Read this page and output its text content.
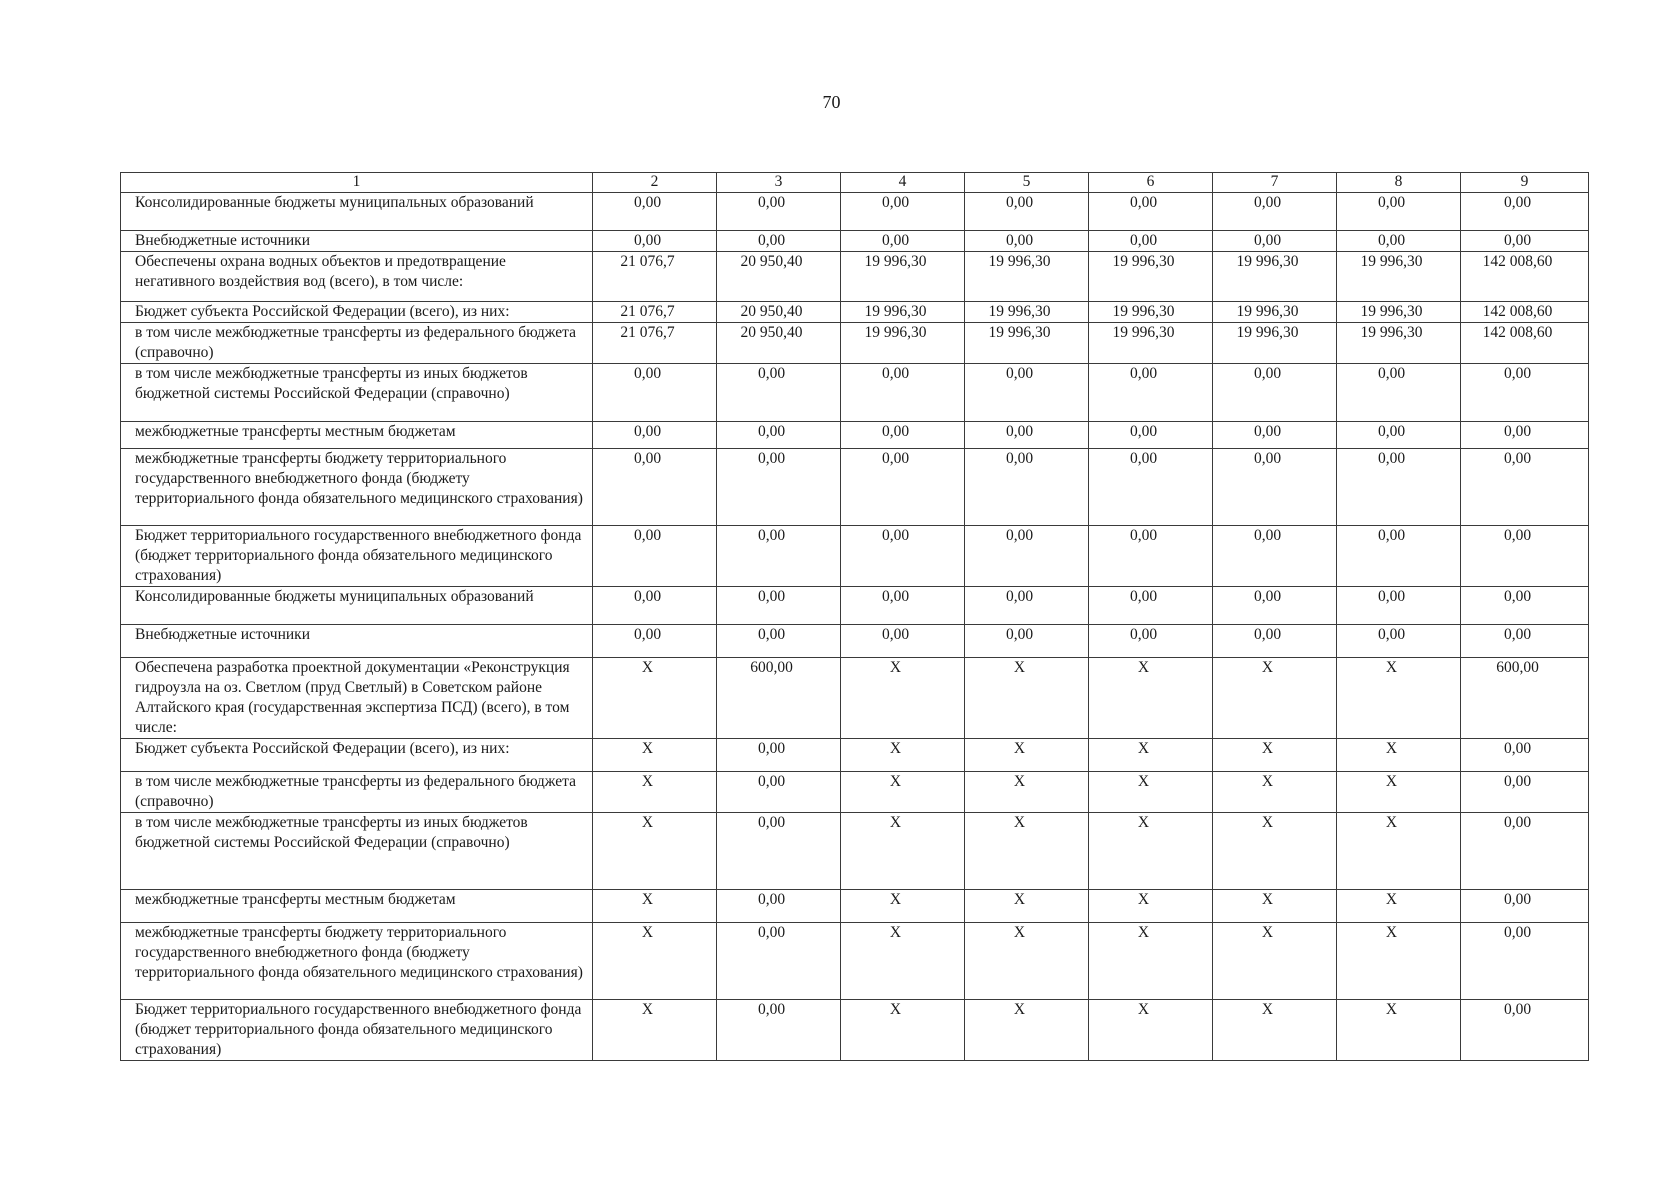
70
1	2	3	4	5	6	7	8	9
Консолидированные бюджеты муниципальных образований	0,00	0,00	0,00	0,00	0,00	0,00	0,00	0,00
Внебюджетные источники	0,00	0,00	0,00	0,00	0,00	0,00	0,00	0,00
Обеспечены охрана водных объектов и предотвращение негативного воздействия вод (всего), в том числе:	21 076,7	20 950,40	19 996,30	19 996,30	19 996,30	19 996,30	19 996,30	142 008,60
Бюджет субъекта Российской Федерации (всего), из них:	21 076,7	20 950,40	19 996,30	19 996,30	19 996,30	19 996,30	19 996,30	142 008,60
в том числе межбюджетные трансферты из федерального бюджета (справочно)	21 076,7	20 950,40	19 996,30	19 996,30	19 996,30	19 996,30	19 996,30	142 008,60
в том числе межбюджетные трансферты из иных бюджетов бюджетной системы Российской Федерации (справочно)	0,00	0,00	0,00	0,00	0,00	0,00	0,00	0,00
межбюджетные трансферты местным бюджетам	0,00	0,00	0,00	0,00	0,00	0,00	0,00	0,00
межбюджетные трансферты бюджету территориального государственного внебюджетного фонда (бюджету территориального фонда обязательного медицинского страхования)	0,00	0,00	0,00	0,00	0,00	0,00	0,00	0,00
Бюджет территориального государственного внебюджетного фонда (бюджет территориального фонда обязательного медицинского страхования)	0,00	0,00	0,00	0,00	0,00	0,00	0,00	0,00
Консолидированные бюджеты муниципальных образований	0,00	0,00	0,00	0,00	0,00	0,00	0,00	0,00
Внебюджетные источники	0,00	0,00	0,00	0,00	0,00	0,00	0,00	0,00
Обеспечена разработка проектной документации «Реконструкция гидроузла на оз. Светлом (пруд Светлый) в Советском районе Алтайского края (государственная экспертиза ПСД) (всего), в том числе:	X	600,00	X	X	X	X	X	600,00
Бюджет субъекта Российской Федерации (всего), из них:	X	0,00	X	X	X	X	X	0,00
в том числе межбюджетные трансферты из федерального бюджета (справочно)	X	0,00	X	X	X	X	X	0,00
в том числе межбюджетные трансферты из иных бюджетов бюджетной системы Российской Федерации (справочно)	X	0,00	X	X	X	X	X	0,00
межбюджетные трансферты местным бюджетам	X	0,00	X	X	X	X	X	0,00
межбюджетные трансферты бюджету территориального государственного внебюджетного фонда (бюджету территориального фонда обязательного медицинского страхования)	X	0,00	X	X	X	X	X	0,00
Бюджет территориального государственного внебюджетного фонда (бюджет территориального фонда обязательного медицинского страхования)	X	0,00	X	X	X	X	X	0,00
